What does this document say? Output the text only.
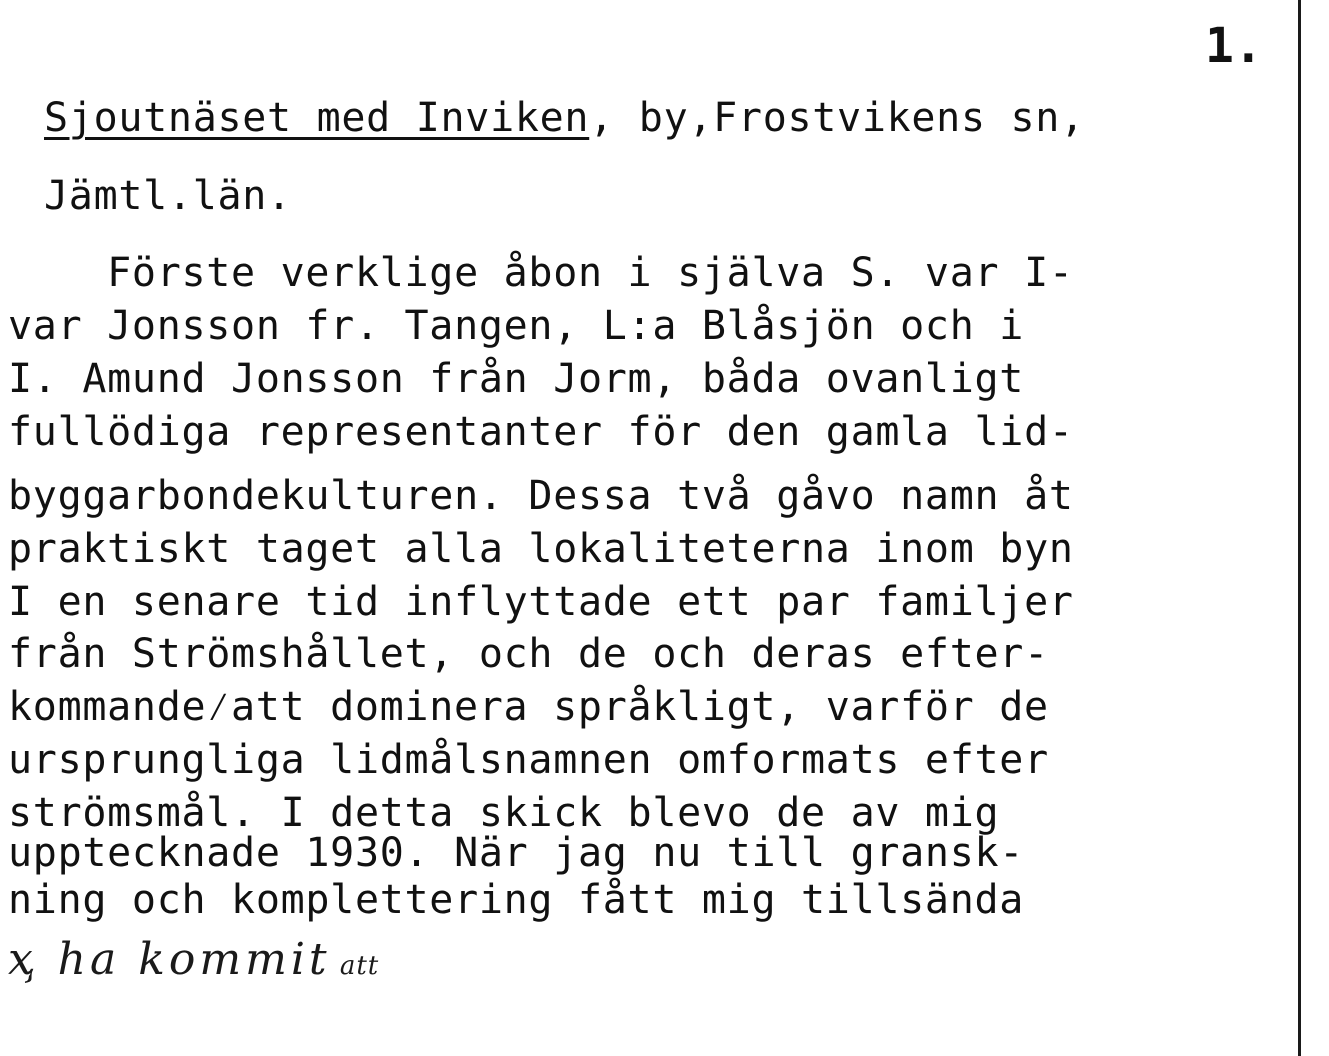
1.
Sjoutnäset med Inviken, by,Frostvikens sn,
Jämtl.län.
Förste verklige åbon i själva S. var I-
var Jonsson fr. Tangen, L:a Blåsjön och i
I. Amund Jonsson från Jorm, båda ovanligt
fullödiga representanter för den gamla lid-
byggarbondekulturen. Dessa två gåvo namn åt
praktiskt taget alla lokaliteterna inom byn
I en senare tid inflyttade ett par familjer
från Strömshållet, och de och deras efter-
kommande⁄att dominera språkligt, varför de
ursprungliga lidmålsnamnen omformats efter
strömsmål. I detta skick blevo de av mig
upptecknade 1930. När jag nu till gransk-
ning och komplettering fått mig tillsända
ҳ ha kommit att
